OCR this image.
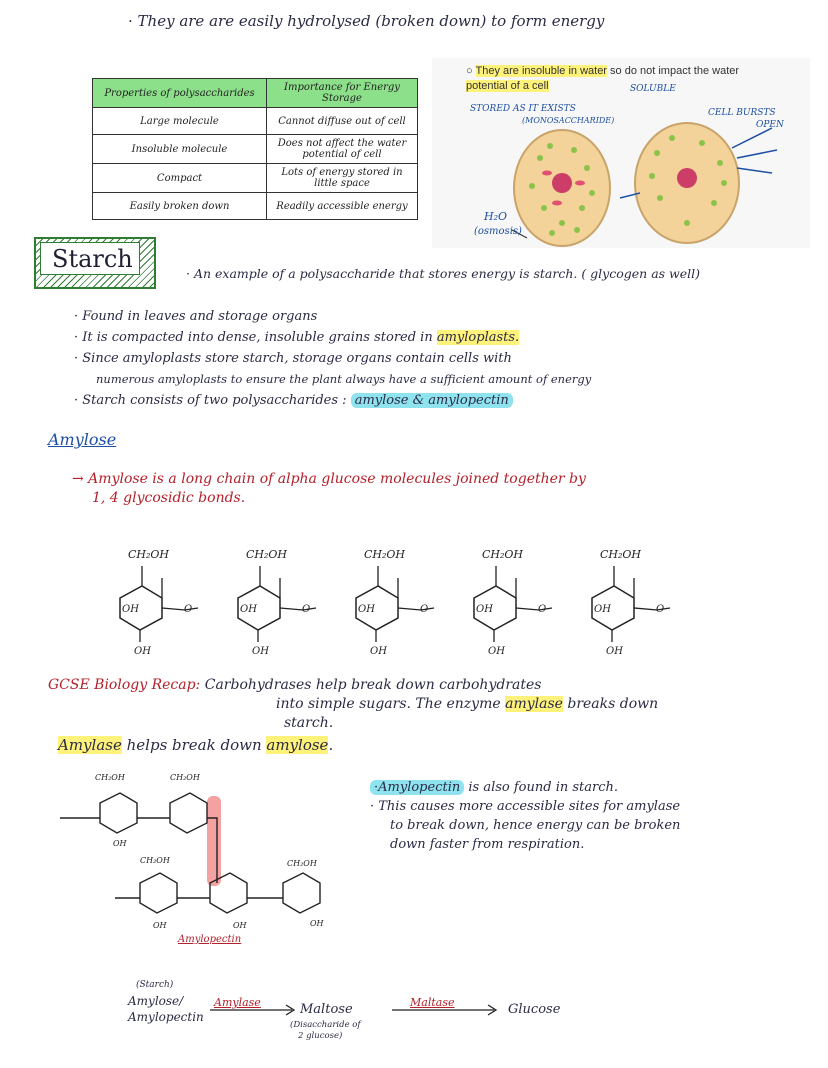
· They are are easily hydrolysed (broken down) to form energy
Properties of polysaccharides	Importance for Energy Storage
Large molecule	Cannot diffuse out of cell
Insoluble molecule	Does not affect the water potential of cell
Compact	Lots of energy stored in little space
Easily broken down	Readily accessible energy
○ They are insoluble in water so do not impact the water
potential of a cell	SOLUBLE
STORED AS IT EXISTS
(MONOSACCHARIDE)
CELL BURSTS
OPEN
H₂O
(osmosis)
Starch
· An example of a polysaccharide that stores energy is starch. ( glycogen as well)
· Found in leaves and storage organs
· It is compacted into dense, insoluble grains stored in amyloplasts.
· Since amyloplasts store starch, storage organs contain cells with
numerous amyloplasts to ensure the plant always have a sufficient amount of energy
· Starch consists of two polysaccharides : amylose & amylopectin
Amylose
→ Amylose is a long chain of alpha glucose molecules joined together by
1, 4 glycosidic bonds.
CH₂OH
OH
OH
O
CH₂OH
OH
OH
O
CH₂OH
OH
OH
O
CH₂OH
OH
OH
O
CH₂OH
OH
OH
O
GCSE Biology Recap: Carbohydrases help break down carbohydrates
into simple sugars. The enzyme amylase breaks down
starch.
Amylase helps break down amylose.
CH₂OH	CH₂OH
CH₂OH	CH₂OH
OH
OH	OH	OH
Amylopectin
·Amylopectin is also found in starch.
· This causes more accessible sites for amylase
to break down, hence energy can be broken
down faster from respiration.
(Starch)
Amylose/
Amylopectin
Amylase	Maltose
(Disaccharide of
2 glucose)
Maltase	Glucose
